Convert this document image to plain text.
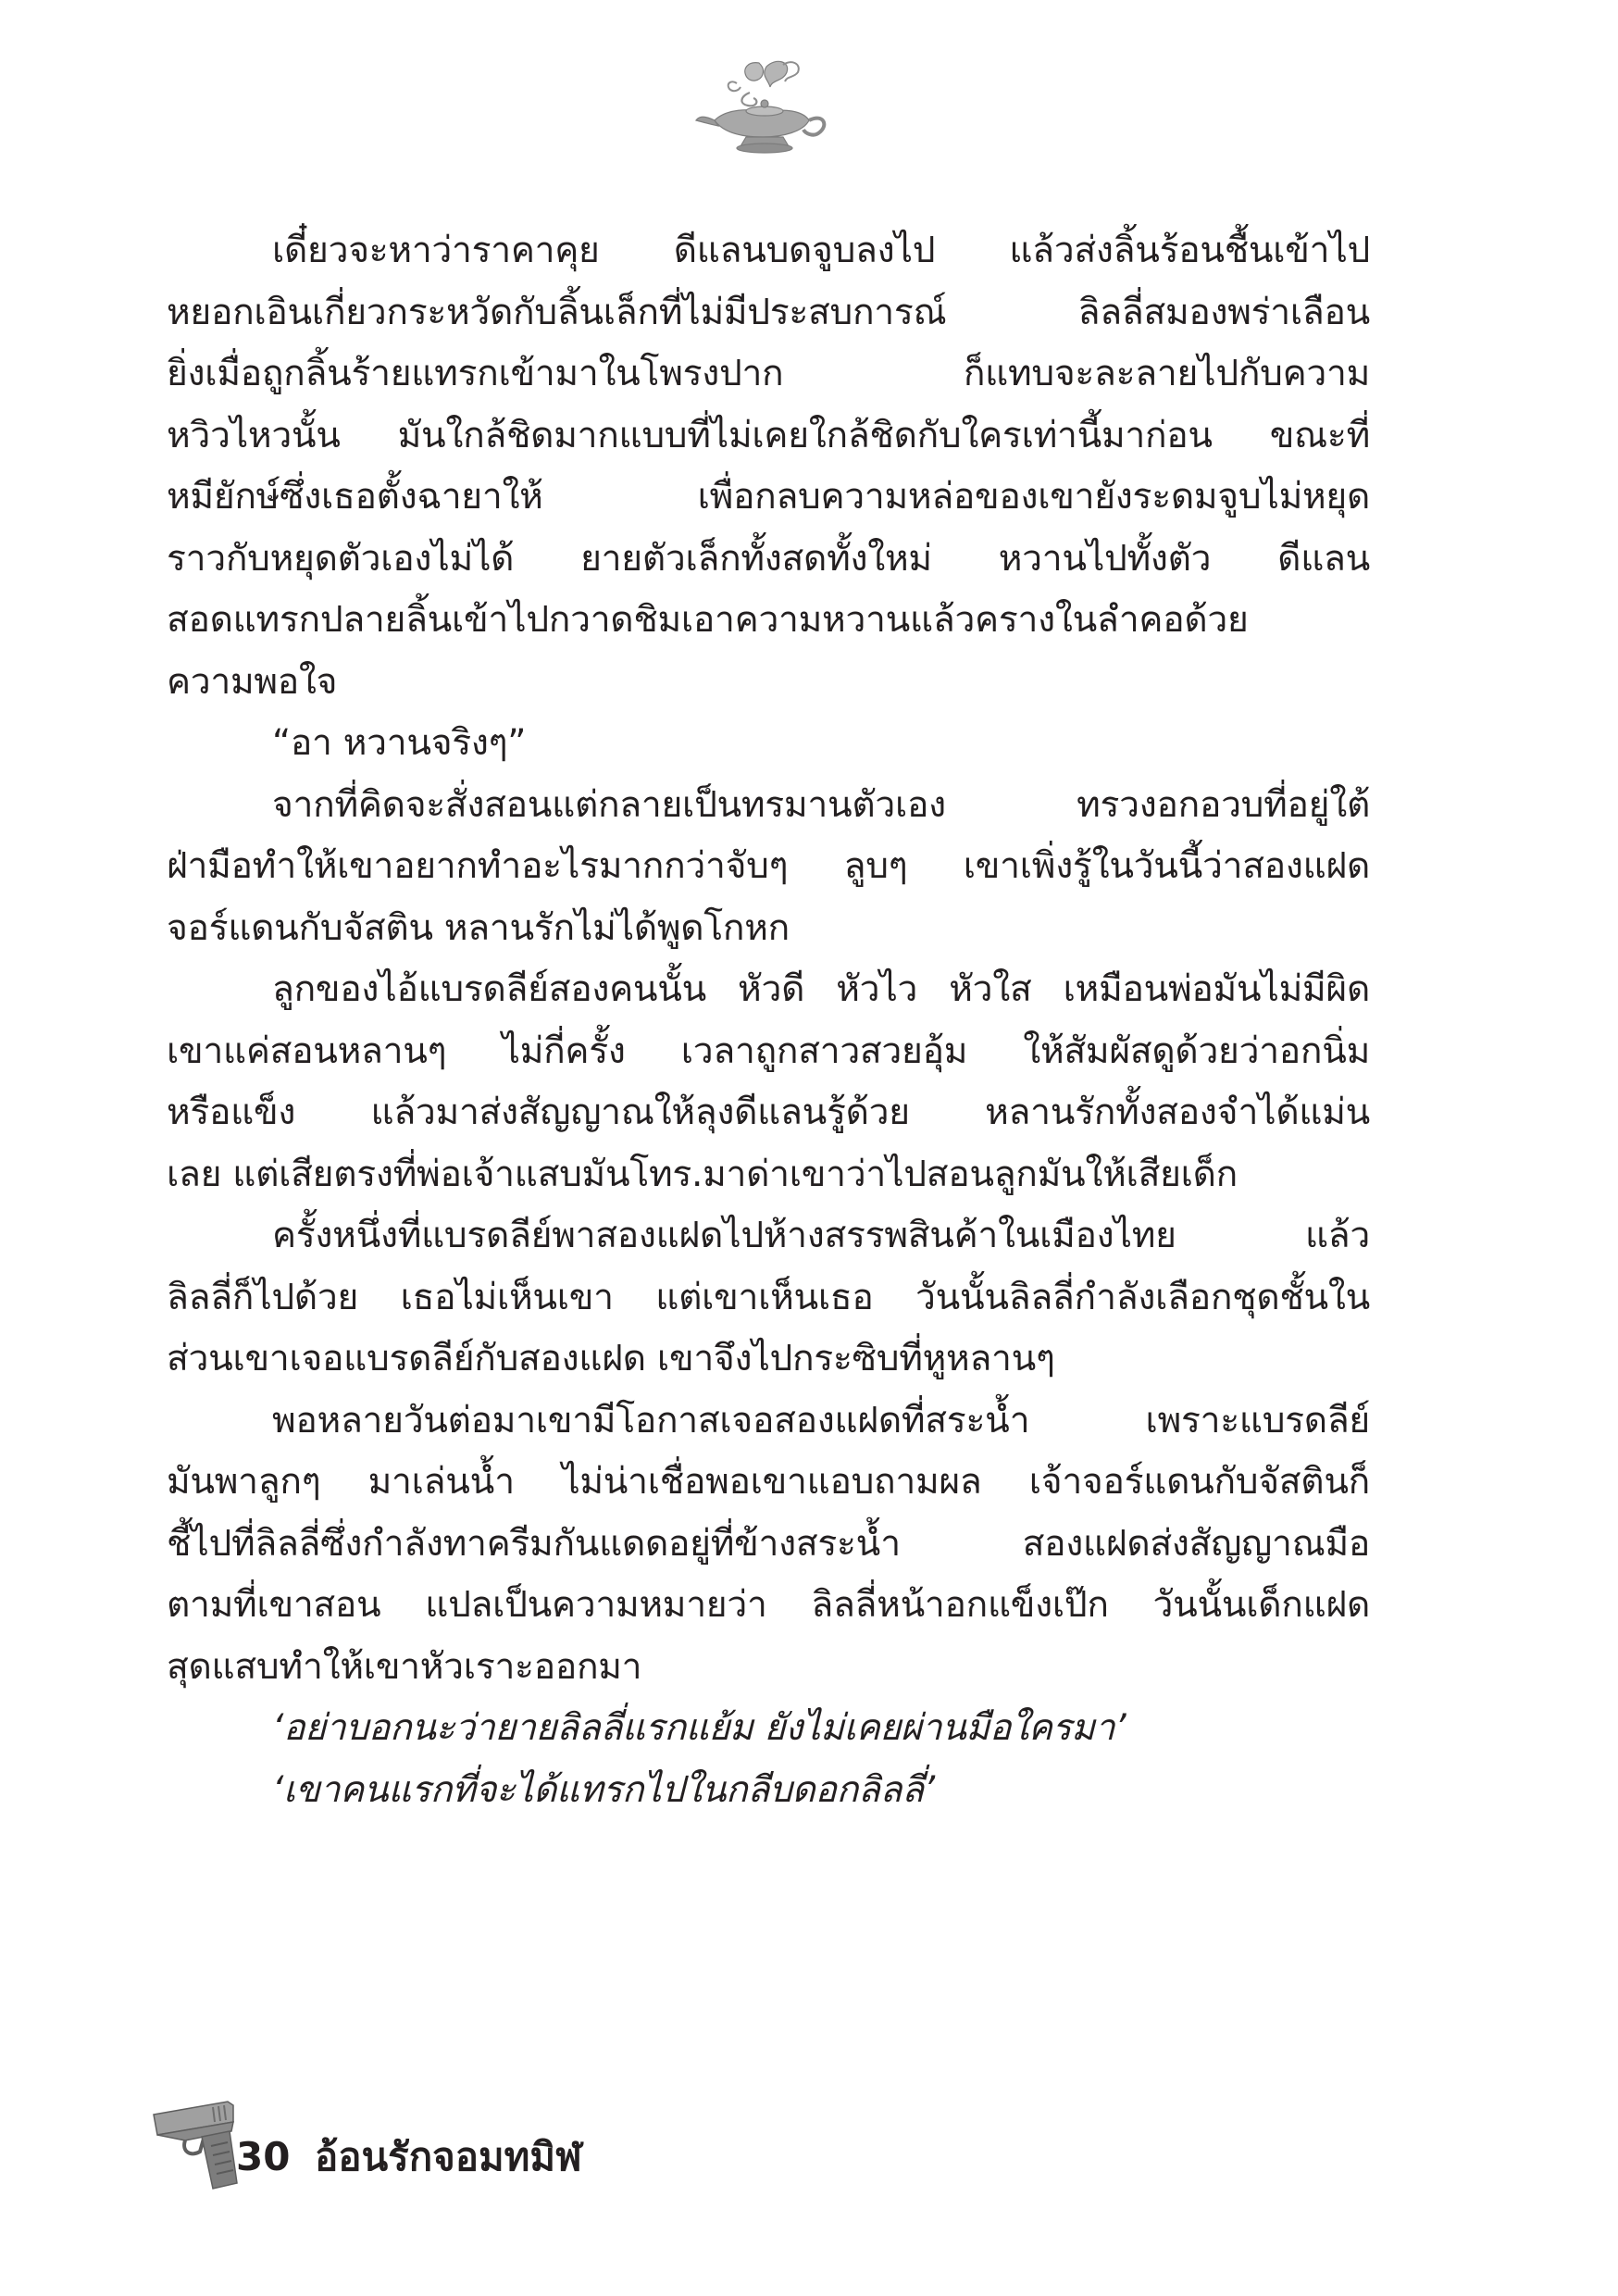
เดี๋ยวจะหาว่าราคาคุย ดีแลนบดจูบลงไป แล้วส่งลิ้นร้อนชื้นเข้าไป
หยอกเอินเกี่ยวกระหวัดกับลิ้นเล็กที่ไม่มีประสบการณ์ ลิลลี่สมองพร่าเลือน
ยิ่งเมื่อถูกลิ้นร้ายแทรกเข้ามาในโพรงปาก ก็แทบจะละลายไปกับความ
หวิวไหวนั้น มันใกล้ชิดมากแบบที่ไม่เคยใกล้ชิดกับใครเท่านี้มาก่อน ขณะที่
หมียักษ์ซึ่งเธอตั้งฉายาให้ เพื่อกลบความหล่อของเขายังระดมจูบไม่หยุด
ราวกับหยุดตัวเองไม่ได้ ยายตัวเล็กทั้งสดทั้งใหม่ หวานไปทั้งตัว ดีแลน
สอดแทรกปลายลิ้นเข้าไปกวาดชิมเอาความหวานแล้วครางในลำคอด้วย
ความพอใจ
“อา หวานจริงๆ”
จากที่คิดจะสั่งสอนแต่กลายเป็นทรมานตัวเอง ทรวงอกอวบที่อยู่ใต้
ฝ่ามือทำให้เขาอยากทำอะไรมากกว่าจับๆ ลูบๆ เขาเพิ่งรู้ในวันนี้ว่าสองแฝด
จอร์แดนกับจัสติน หลานรักไม่ได้พูดโกหก
ลูกของไอ้แบรดลีย์สองคนนั้น หัวดี หัวไว หัวใส เหมือนพ่อมันไม่มีผิด
เขาแค่สอนหลานๆ ไม่กี่ครั้ง เวลาถูกสาวสวยอุ้ม ให้สัมผัสดูด้วยว่าอกนิ่ม
หรือแข็ง แล้วมาส่งสัญญาณให้ลุงดีแลนรู้ด้วย หลานรักทั้งสองจำได้แม่น
เลย แต่เสียตรงที่พ่อเจ้าแสบมันโทร.มาด่าเขาว่าไปสอนลูกมันให้เสียเด็ก
ครั้งหนึ่งที่แบรดลีย์พาสองแฝดไปห้างสรรพสินค้าในเมืองไทย แล้ว
ลิลลี่ก็ไปด้วย เธอไม่เห็นเขา แต่เขาเห็นเธอ วันนั้นลิลลี่กำลังเลือกชุดชั้นใน
ส่วนเขาเจอแบรดลีย์กับสองแฝด เขาจึงไปกระซิบที่หูหลานๆ
พอหลายวันต่อมาเขามีโอกาสเจอสองแฝดที่สระน้ำ เพราะแบรดลีย์
มันพาลูกๆ มาเล่นน้ำ ไม่น่าเชื่อพอเขาแอบถามผล เจ้าจอร์แดนกับจัสตินก็
ชี้ไปที่ลิลลี่ซึ่งกำลังทาครีมกันแดดอยู่ที่ข้างสระน้ำ สองแฝดส่งสัญญาณมือ
ตามที่เขาสอน แปลเป็นความหมายว่า ลิลลี่หน้าอกแข็งเป๊ก วันนั้นเด็กแฝด
สุดแสบทำให้เขาหัวเราะออกมา
‘อย่าบอกนะว่ายายลิลลี่แรกแย้ม ยังไม่เคยผ่านมือใครมา’
‘เขาคนแรกที่จะได้แทรกไปในกลีบดอกลิลลี่’
30 อ้อนรักจอมทมิฬ
